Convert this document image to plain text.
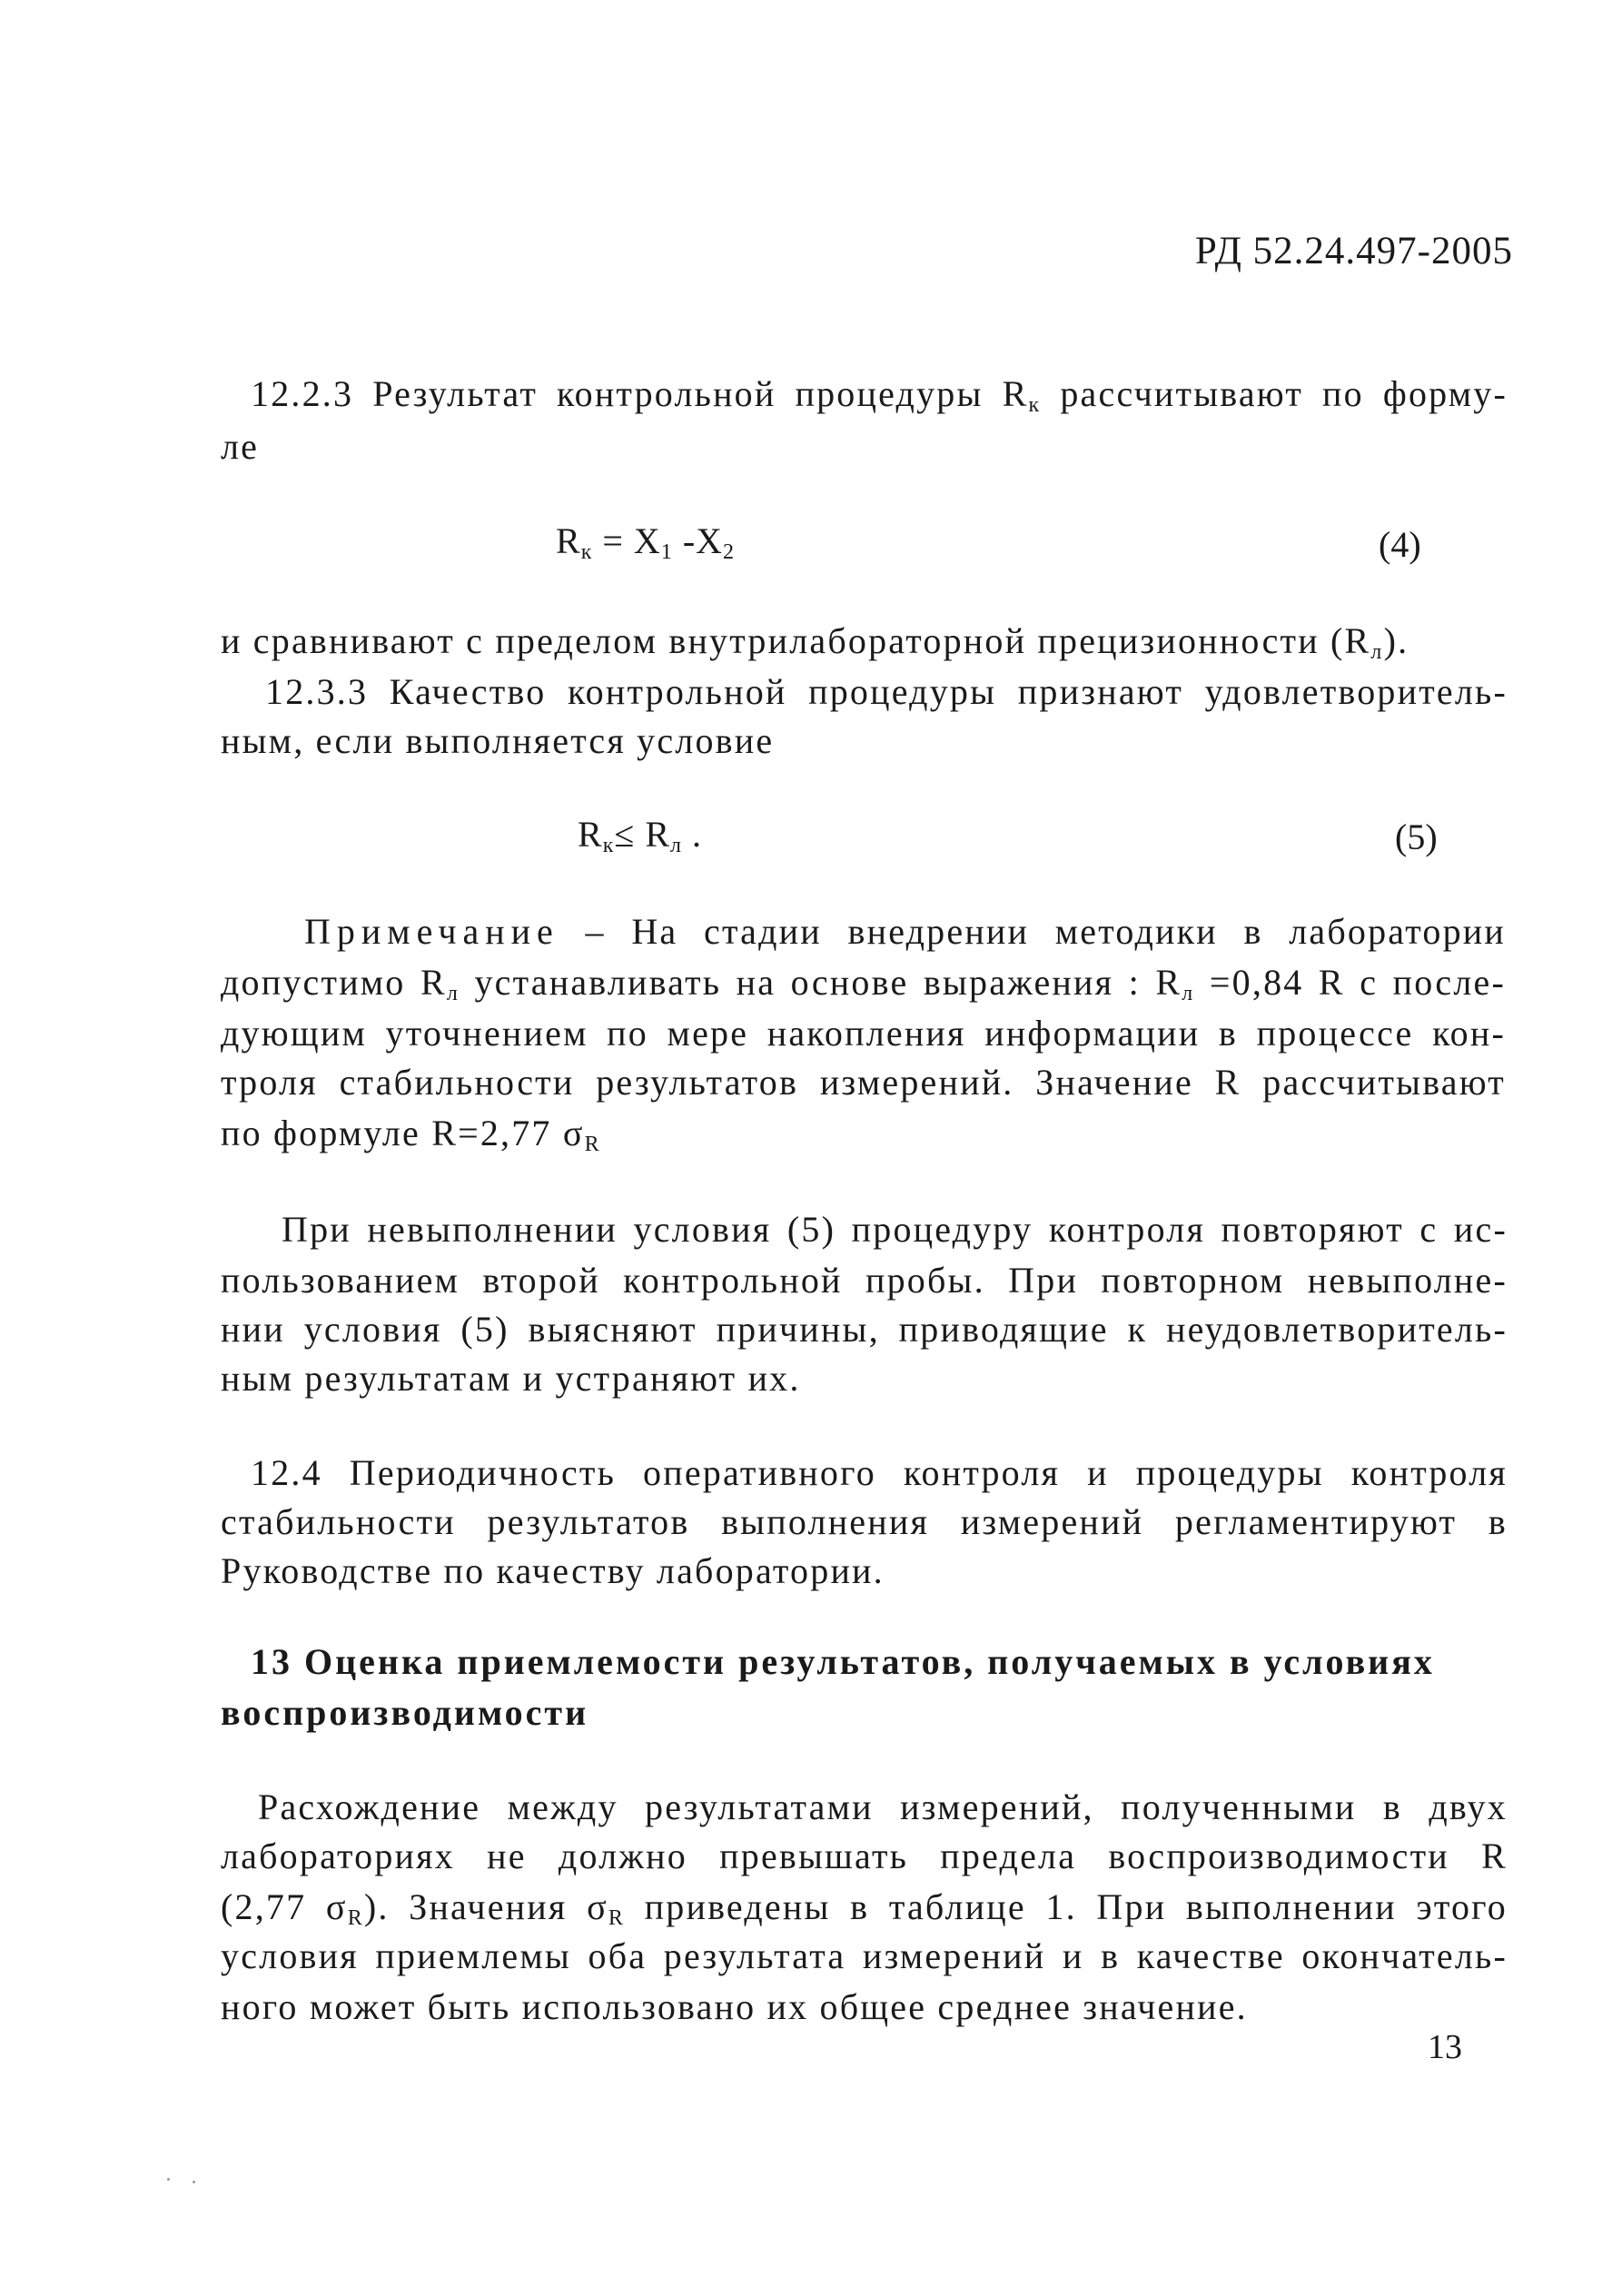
РД 52.24.497-2005
12.2.3 Результат контрольной процедуры $R_к$ рассчитывают по форму-
ле
$R_к = X_1$ $-X_2$	(4)
и сравнивают с пределом внутрилабораторной прецизионности $(R_л)$.
12.3.3 Качество контрольной процедуры признают удовлетворитель-
ным, если выполняется условие
$R_к\le R_л$ .	(5)
Примечание – На стадии внедрении методики в лаборатории
допустимо $R_л$ устанавливать на основе выражения : $R_л =0,84$ R с после-
дующим уточнением по мере накопления информации в процессе кон-
троля стабильности результатов измерений. Значение R рассчитывают
по формуле R=2,77 $\sigma_R$
При невыполнении условия (5) процедуру контроля повторяют с ис-
пользованием второй контрольной пробы. При повторном невыполне-
нии условия (5) выясняют причины, приводящие к неудовлетворитель-
ным результатам и устраняют их.
12.4 Периодичность оперативного контроля и процедуры контроля
стабильности результатов выполнения измерений регламентируют в
Руководстве по качеству лаборатории.
13 Оценка приемлемости результатов, получаемых в условиях
воспроизводимости
Расхождение между результатами измерений, полученными в двух
лабораториях не должно превышать предела воспроизводимости R
(2,77 $\sigma_R$). Значения $\sigma_R$ приведены в таблице 1. При выполнении этого
условия приемлемы оба результата измерений и в качестве окончатель-
ного может быть использовано их общее среднее значение.
13
